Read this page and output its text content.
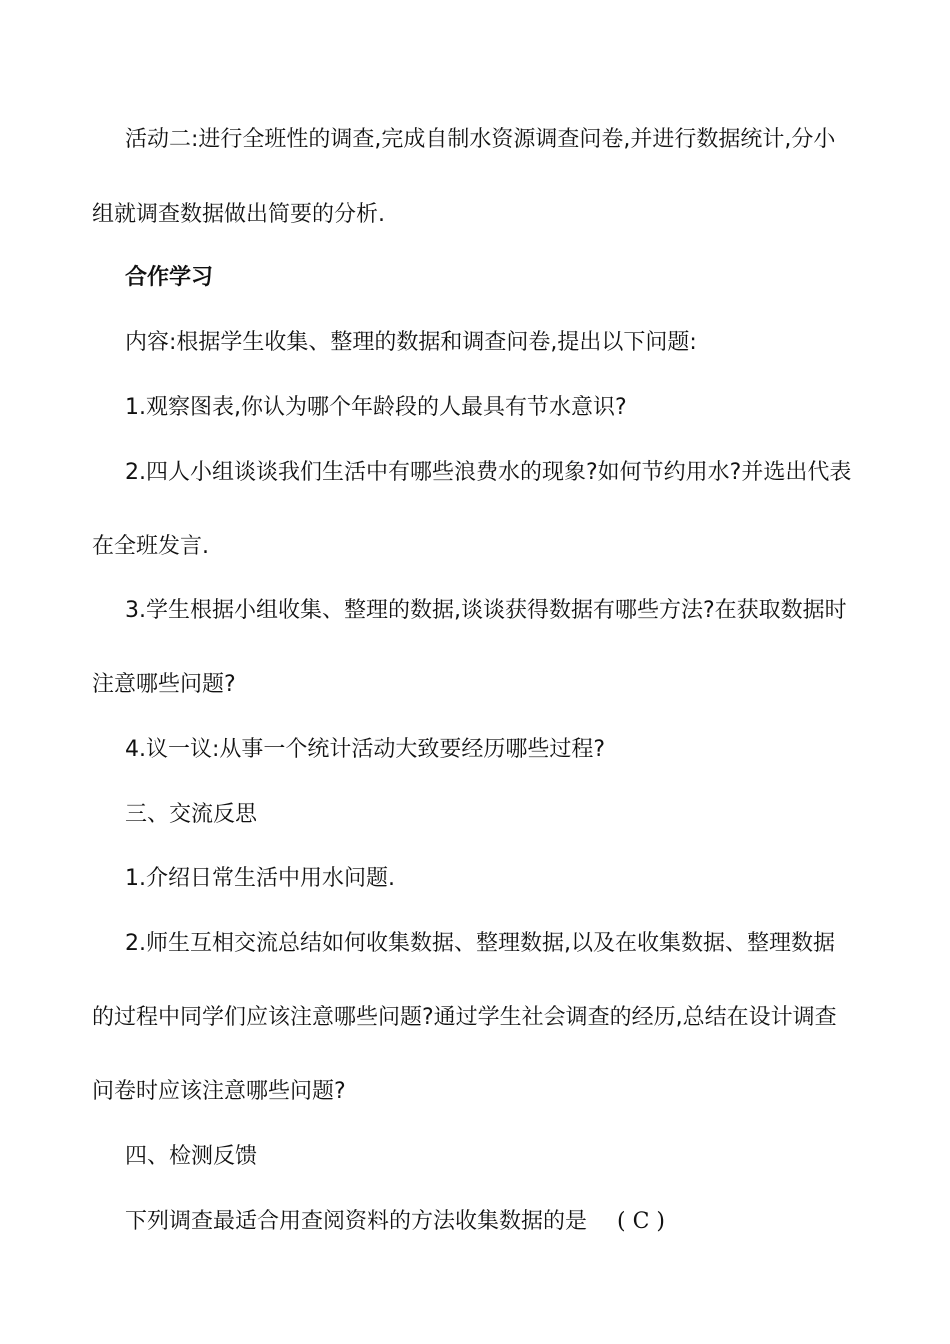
活动二:进行全班性的调查,完成自制水资源调查问卷,并进行数据统计,分小
组就调查数据做出简要的分析.
合作学习
内容:根据学生收集、整理的数据和调查问卷,提出以下问题:
1.观察图表,你认为哪个年龄段的人最具有节水意识?
2.四人小组谈谈我们生活中有哪些浪费水的现象?如何节约用水?并选出代表
在全班发言.
3.学生根据小组收集、整理的数据,谈谈获得数据有哪些方法?在获取数据时
注意哪些问题?
4.议一议:从事一个统计活动大致要经历哪些过程?
三、交流反思
1.介绍日常生活中用水问题.
2.师生互相交流总结如何收集数据、整理数据,以及在收集数据、整理数据
的过程中同学们应该注意哪些问题?通过学生社会调查的经历,总结在设计调查
问卷时应该注意哪些问题?
四、检测反馈
下列调查最适合用查阅资料的方法收集数据的是 ( C )
